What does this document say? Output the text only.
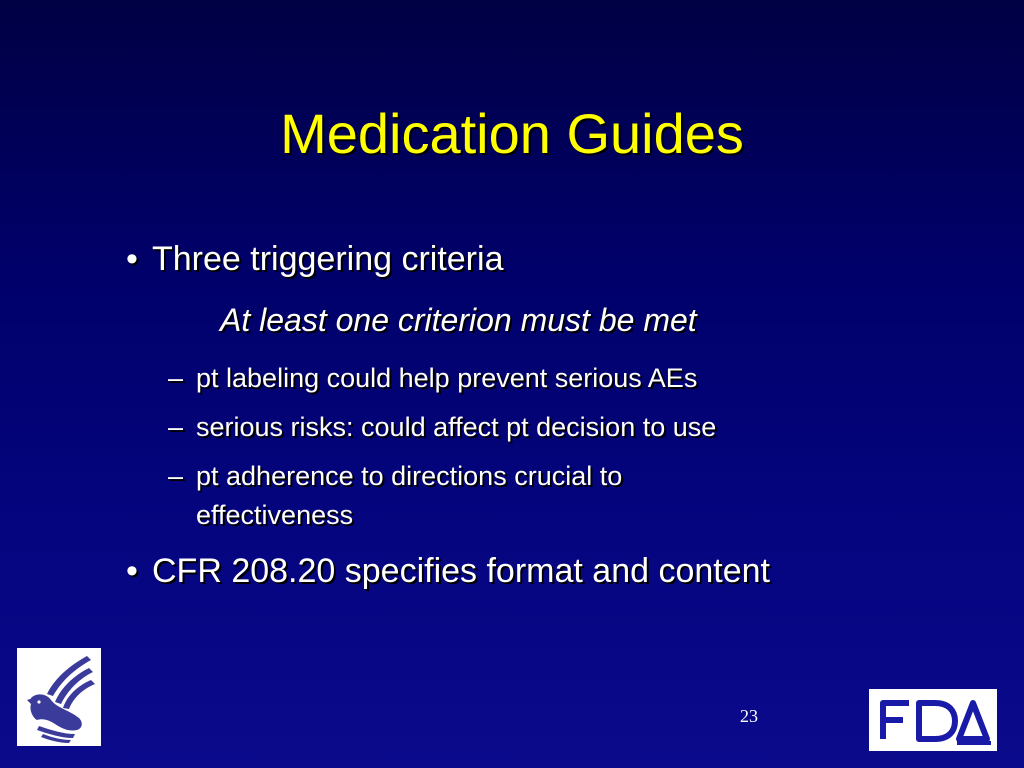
Medication Guides
• Three triggering criteria
At least one criterion must be met
– pt labeling could help prevent serious AEs
– serious risks: could affect pt decision to use
– pt adherence to directions crucial to
effectiveness
• CFR 208.20 specifies format and content
23
